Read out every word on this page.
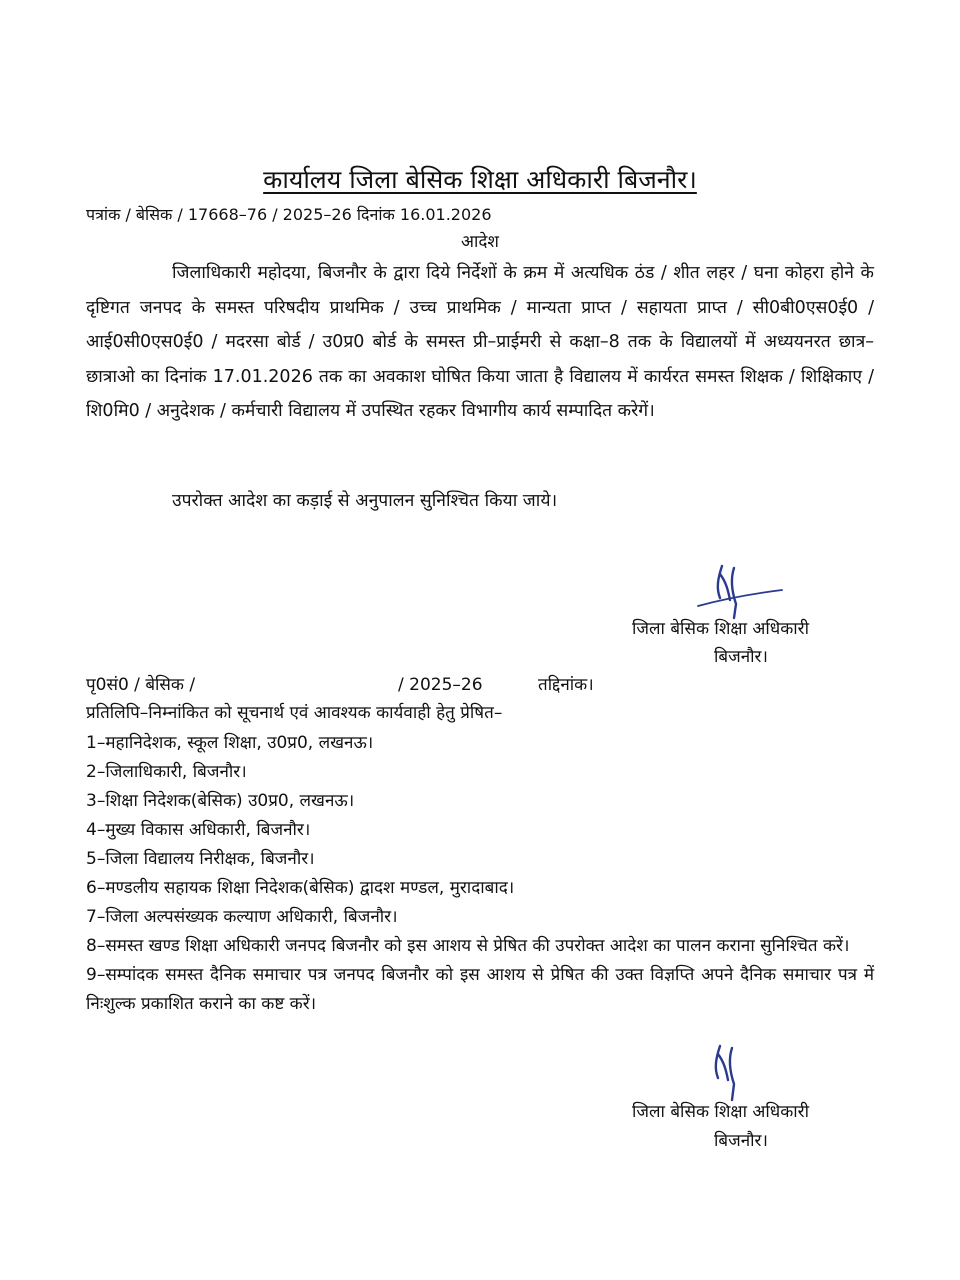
कार्यालय जिला बेसिक शिक्षा अधिकारी बिजनौर।
पत्रांक / बेसिक / 17668–76 / 2025–26 दिनांक 16.01.2026
आदेश

जिलाधिकारी महोदया, बिजनौर के द्वारा दिये निर्देशों के क्रम में अत्यधिक ठंड / शीत लहर / घना कोहरा होने के दृष्टिगत जनपद के समस्त परिषदीय प्राथमिक / उच्च प्राथमिक / मान्यता प्राप्त / सहायता प्राप्त / सी0बी0एस0ई0 / आई0सी0एस0ई0 / मदरसा बोर्ड / उ0प्र0 बोर्ड के समस्त प्री–प्राईमरी से कक्षा–8 तक के विद्यालयों में अध्ययनरत छात्र–छात्राओ का दिनांक 17.01.2026 तक का अवकाश घोषित किया जाता है विद्यालय में कार्यरत समस्त शिक्षक / शिक्षिकाए / शि0मि0 / अनुदेशक / कर्मचारी विद्यालय में उपस्थित रहकर विभागीय कार्य सम्पादित करेगें।

उपरोक्त आदेश का कड़ाई से अनुपालन सुनिश्चित किया जाये।

जिला बेसिक शिक्षा अधिकारी
बिजनौर।
पृ0सं0 / बेसिक /	/ 2025–26	तद्दिनांक।
प्रतिलिपि–निम्नांकित को सूचनार्थ एवं आवश्यक कार्यवाही हेतु प्रेषित–
1–महानिदेशक, स्कूल शिक्षा, उ0प्र0, लखनऊ।
2–जिलाधिकारी, बिजनौर।
3–शिक्षा निदेशक(बेसिक) उ0प्र0, लखनऊ।
4–मुख्य विकास अधिकारी, बिजनौर।
5–जिला विद्यालय निरीक्षक, बिजनौर।
6–मण्डलीय सहायक शिक्षा निदेशक(बेसिक) द्वादश मण्डल, मुरादाबाद।
7–जिला अल्पसंख्यक कल्याण अधिकारी, बिजनौर।
8–समस्त खण्ड शिक्षा अधिकारी जनपद बिजनौर को इस आशय से प्रेषित की उपरोक्त आदेश का पालन कराना सुनिश्चित करें।
9–सम्पांदक समस्त दैनिक समाचार पत्र जनपद बिजनौर को इस आशय से प्रेषित की उक्त विज्ञप्ति अपने दैनिक समाचार पत्र में निःशुल्क प्रकाशित कराने का कष्ट करें।
जिला बेसिक शिक्षा अधिकारी
बिजनौर।
